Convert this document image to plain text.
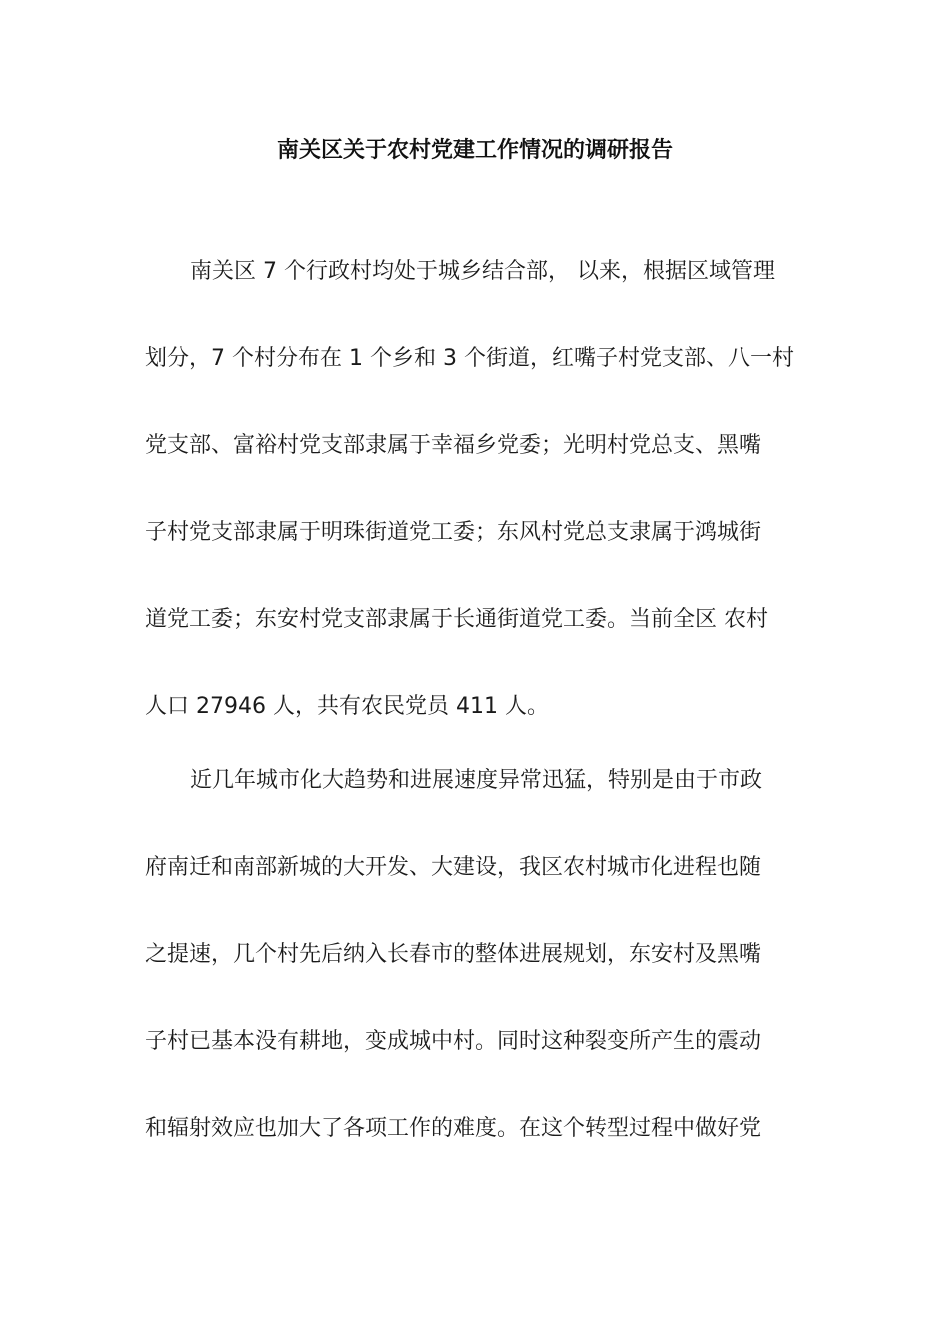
南关区关于农村党建工作情况的调研报告
南关区 7 个行政村均处于城乡结合部， 以来，根据区域管理
划分，7 个村分布在 1 个乡和 3 个街道，红嘴子村党支部、八一村
党支部、富裕村党支部隶属于幸福乡党委；光明村党总支、黑嘴
子村党支部隶属于明珠街道党工委；东风村党总支隶属于鸿城街
道党工委；东安村党支部隶属于长通街道党工委。当前全区 农村
人口 27946 人，共有农民党员 411 人。
近几年城市化大趋势和进展速度异常迅猛，特别是由于市政
府南迁和南部新城的大开发、大建设，我区农村城市化进程也随
之提速，几个村先后纳入长春市的整体进展规划，东安村及黑嘴
子村已基本没有耕地，变成城中村。同时这种裂变所产生的震动
和辐射效应也加大了各项工作的难度。在这个转型过程中做好党
